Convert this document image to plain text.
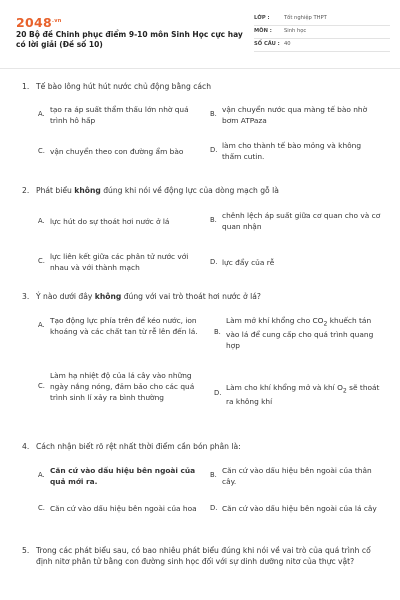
$2048^{.vn}$
20 Bộ đề Chinh phục điểm 9-10 môn Sinh Học cực hay có lời giải (Đề số 10)
LỚP :	Tốt nghiệp THPT
MÔN :	Sinh học
SỐ CÂU : 40
1. Tế bào lông hút hút nước chủ động bằng cách
A.
tạo ra áp suất thẩm thấu lớn nhờ quá trình hô hấp
B.
vận chuyển nước qua màng tế bào nhờ bơm ATPaza
C. vận chuyển theo con đường ẩm bào	D.
làm cho thành tế bào mỏng và không thấm cutin.
2. Phát biểu không đúng khi nói về động lực của dòng mạch gỗ là
A. lực hút do sự thoát hơi nước ở lá	B.
chênh lệch áp suất giữa cơ quan cho và cơ quan nhận
C.
lực liên kết giữa các phân tử nước với nhau và với thành mạch
D. lực đẩy của rễ
3. Ý nào dưới đây không đúng với vai trò thoát hơi nước ở lá?
A.
Tạo động lực phía trên để kéo nước, ion khoáng và các chất tan từ rễ lên đến lá.	B.
Làm mở khí khổng cho $CO_2$ khuếch tán vào lá để cung cấp cho quá trình quang hợp
C.
Làm hạ nhiệt độ của lá cây vào những ngày nắng nóng, đảm bảo cho các quá trình sinh lí xảy ra bình thường	D.
Làm cho khí khổng mở và khí $O_2$ sẽ thoát ra không khí
4. Cách nhận biết rõ rệt nhất thời điểm cần bón phân là:
A.
Căn cứ vào dấu hiệu bên ngoài của quả mới ra.
B.
Căn cứ vào dấu hiệu bên ngoài của thân cây.
C. Căn cứ vào dấu hiệu bên ngoài của hoa D. Căn cứ vào dấu hiệu bên ngoài của lá cây
5. Trong các phát biểu sau, có bao nhiêu phát biểu đúng khi nói về vai trò của quá trình cố định nitơ phân tử bằng con đường sinh học đối với sự dinh dưỡng nitơ của thực vật?
